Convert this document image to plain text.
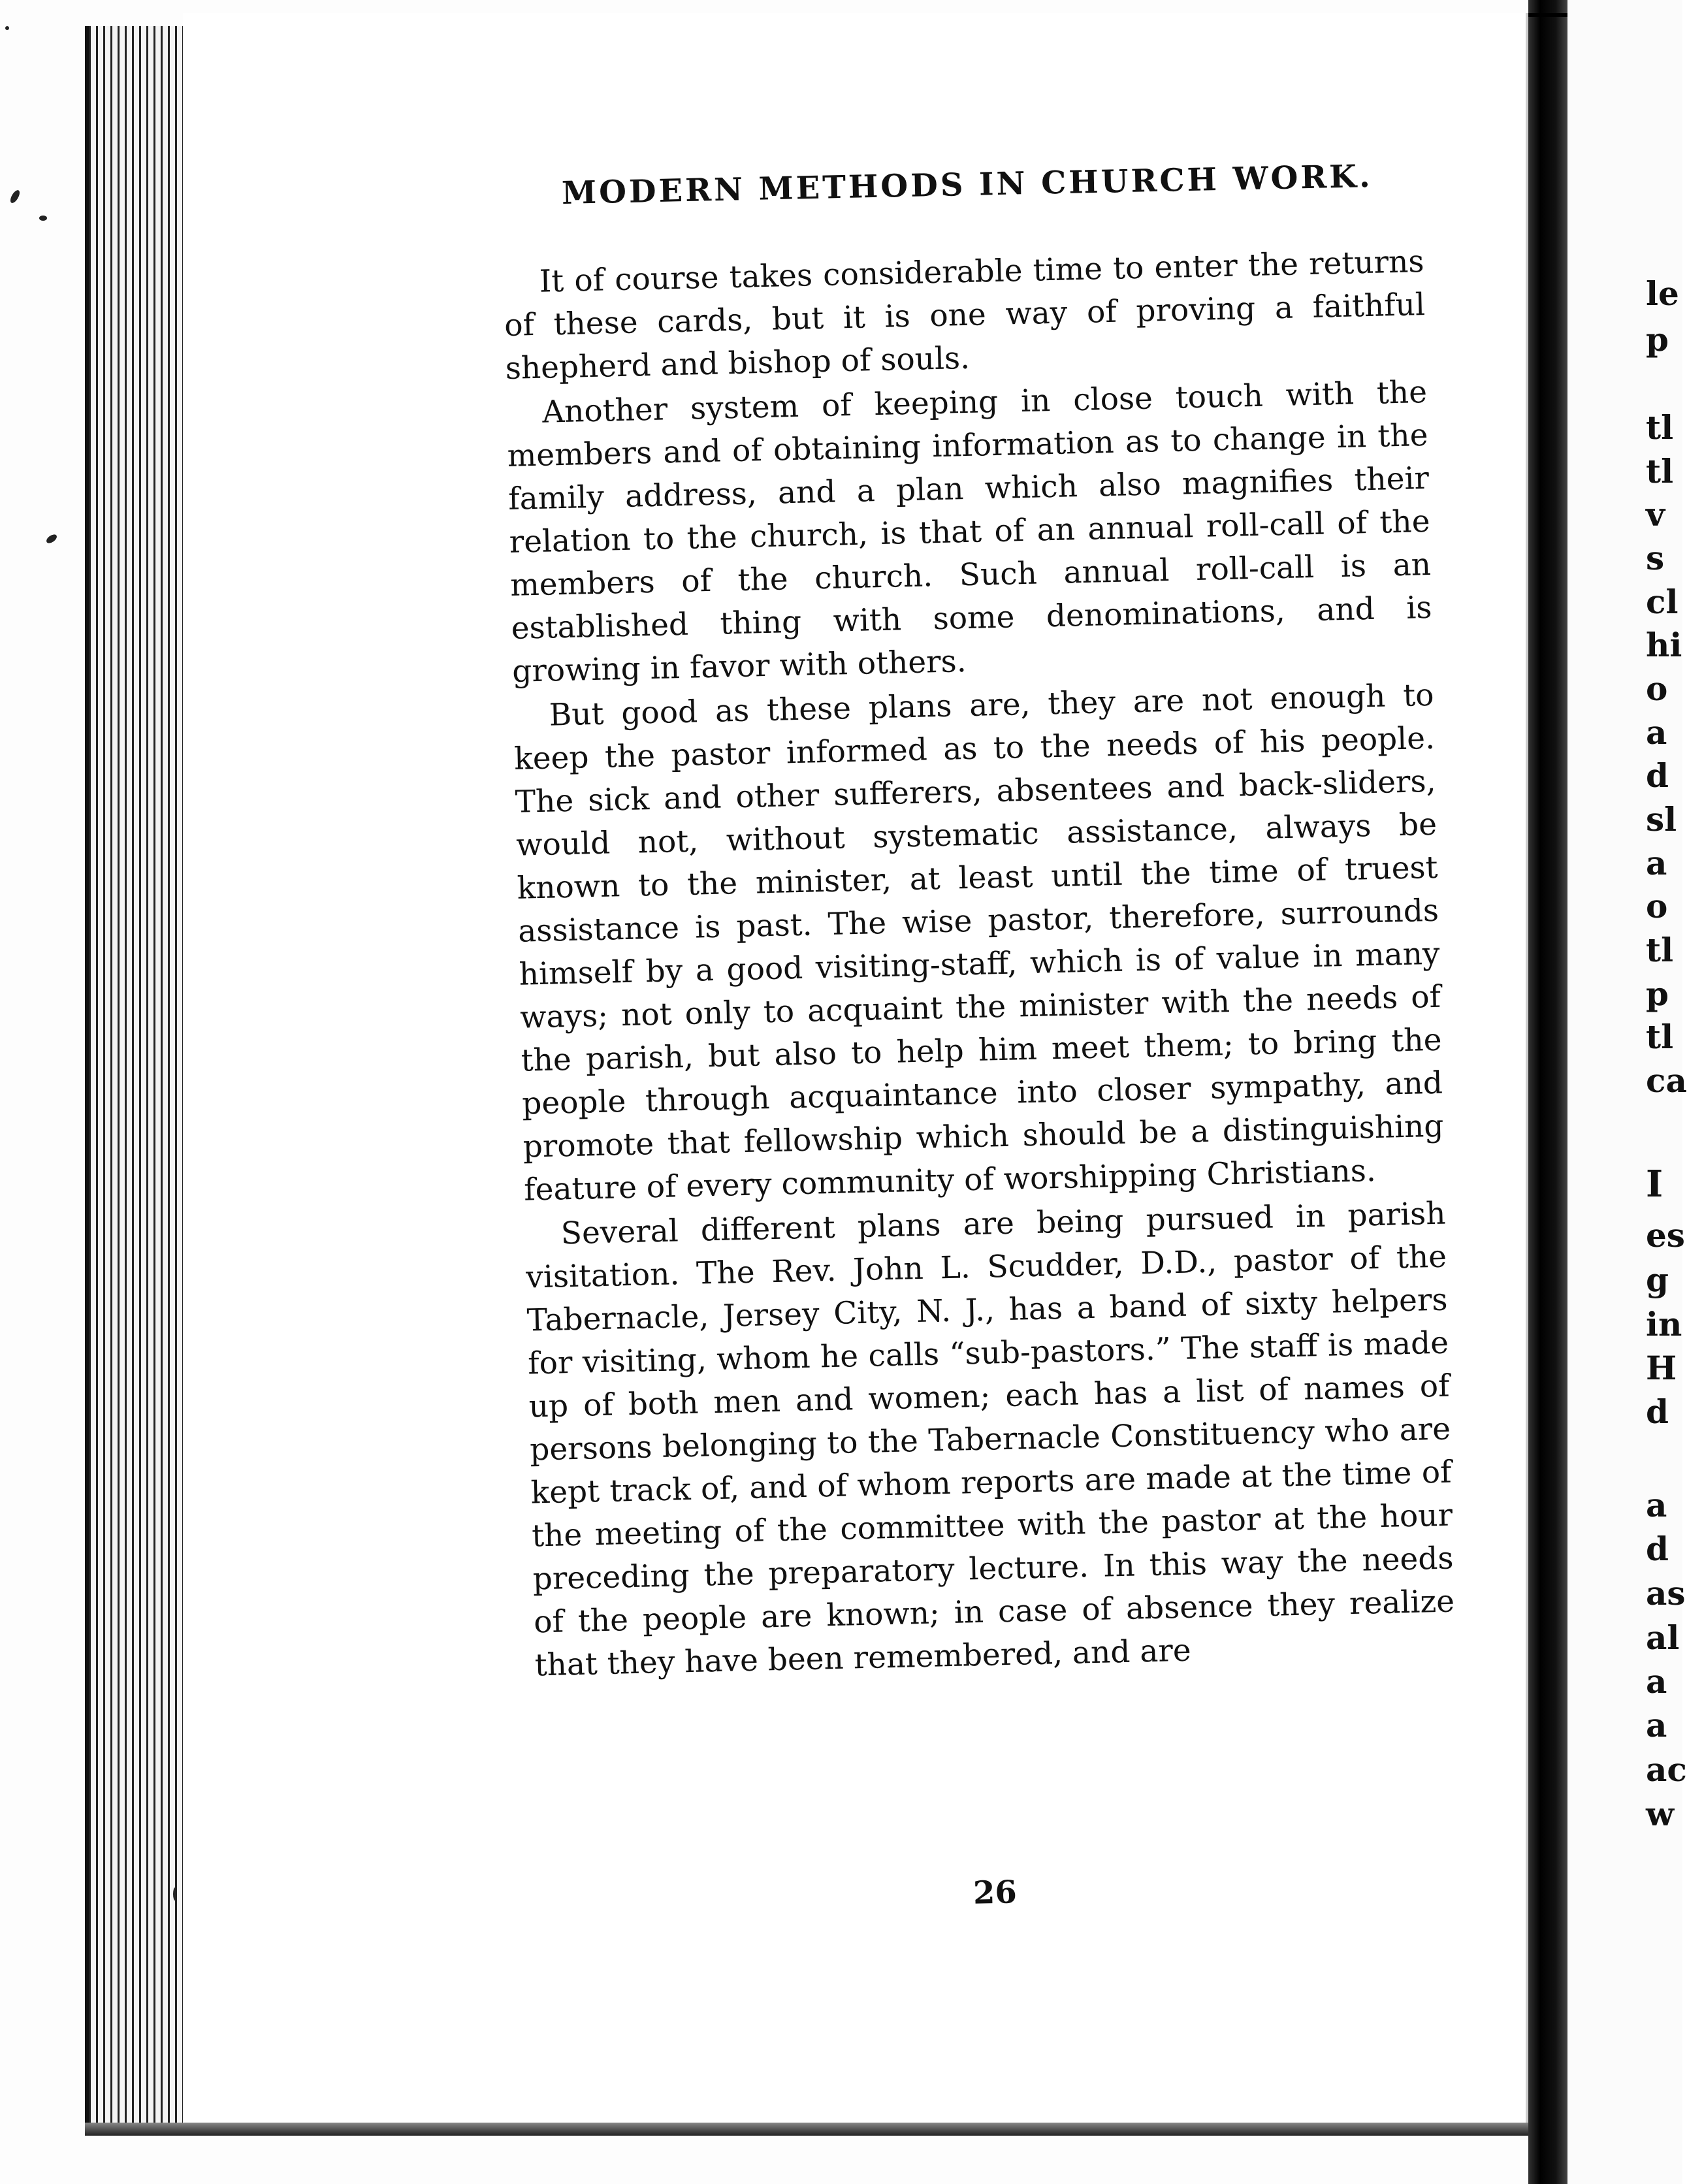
MODERN METHODS IN CHURCH WORK.

It of course takes considerable time to enter the returns of these cards, but it is one way of proving a faithful shepherd and bishop of souls.

Another system of keeping in close touch with the members and of obtaining information as to change in the family address, and a plan which also magnifies their relation to the church, is that of an annual roll-call of the members of the church. Such annual roll-call is an established thing with some denominations, and is growing in favor with others.

But good as these plans are, they are not enough to keep the pastor informed as to the needs of his people. The sick and other sufferers, absentees and back-sliders, would not, without systematic assistance, always be known to the minister, at least until the time of truest assistance is past. The wise pastor, therefore, surrounds himself by a good visiting-staff, which is of value in many ways; not only to acquaint the minister with the needs of the parish, but also to help him meet them; to bring the people through acquaintance into closer sympathy, and promote that fellowship which should be a distinguishing feature of every community of worshipping Christians.

Several different plans are being pursued in parish visitation. The Rev. John L. Scudder, D.D., pastor of the Tabernacle, Jersey City, N. J., has a band of sixty helpers for visiting, whom he calls “sub-pastors.” The staff is made up of both men and women; each has a list of names of persons belonging to the Tabernacle Constituency who are kept track of, and of whom reports are made at the time of the meeting of the committee with the pastor at the hour preceding the preparatory lecture. In this way the needs of the people are known; in case of absence they realize that they have been remembered, and are

26
le
p
tl
tl
v
s
cl
hi
o
a
d
sl
a
o
tl
p
tl
ca
I
es
g
in
H
d
a
d
as
al
a
a
ac
w
